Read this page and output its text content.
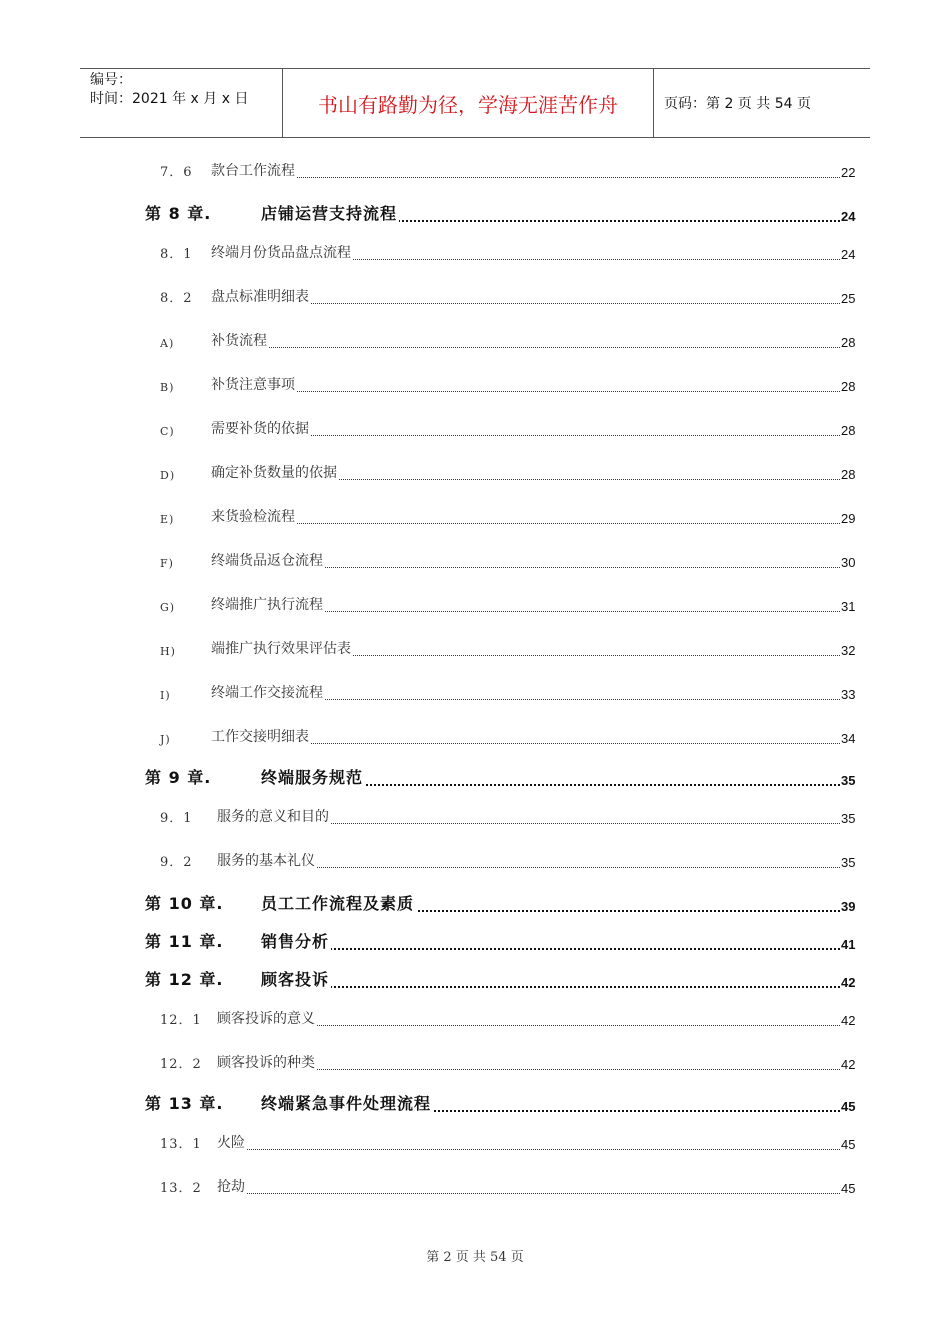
编号：
时间：2021 年 x 月 x 日	书山有路勤为径，学海无涯苦作舟	页码：第 2 页 共 54 页
7．6 款台工作流程	22
第 8 章.	店铺运营支持流程	24
8．1 终端月份货品盘点流程	24
8．2 盘点标准明细表	25
A)	补货流程	28
B)	补货注意事项	28
C)	需要补货的依据	28
D)	确定补货数量的依据	28
E)	来货验检流程	29
F)	终端货品返仓流程	30
G)	终端推广执行流程	31
H)	端推广执行效果评估表	32
I)	终端工作交接流程	33
J)	工作交接明细表	34
第 9 章.	终端服务规范	35
9．1 服务的意义和目的	35
9．2 服务的基本礼仪	35
第 10 章. 员工工作流程及素质	39
第 11 章. 销售分析	41
第 12 章. 顾客投诉	42
12．1 顾客投诉的意义	42
12．2 顾客投诉的种类	42
第 13 章. 终端紧急事件处理流程	45
13．1 火险	45
13．2 抢劫	45
第 2 页 共 54 页
